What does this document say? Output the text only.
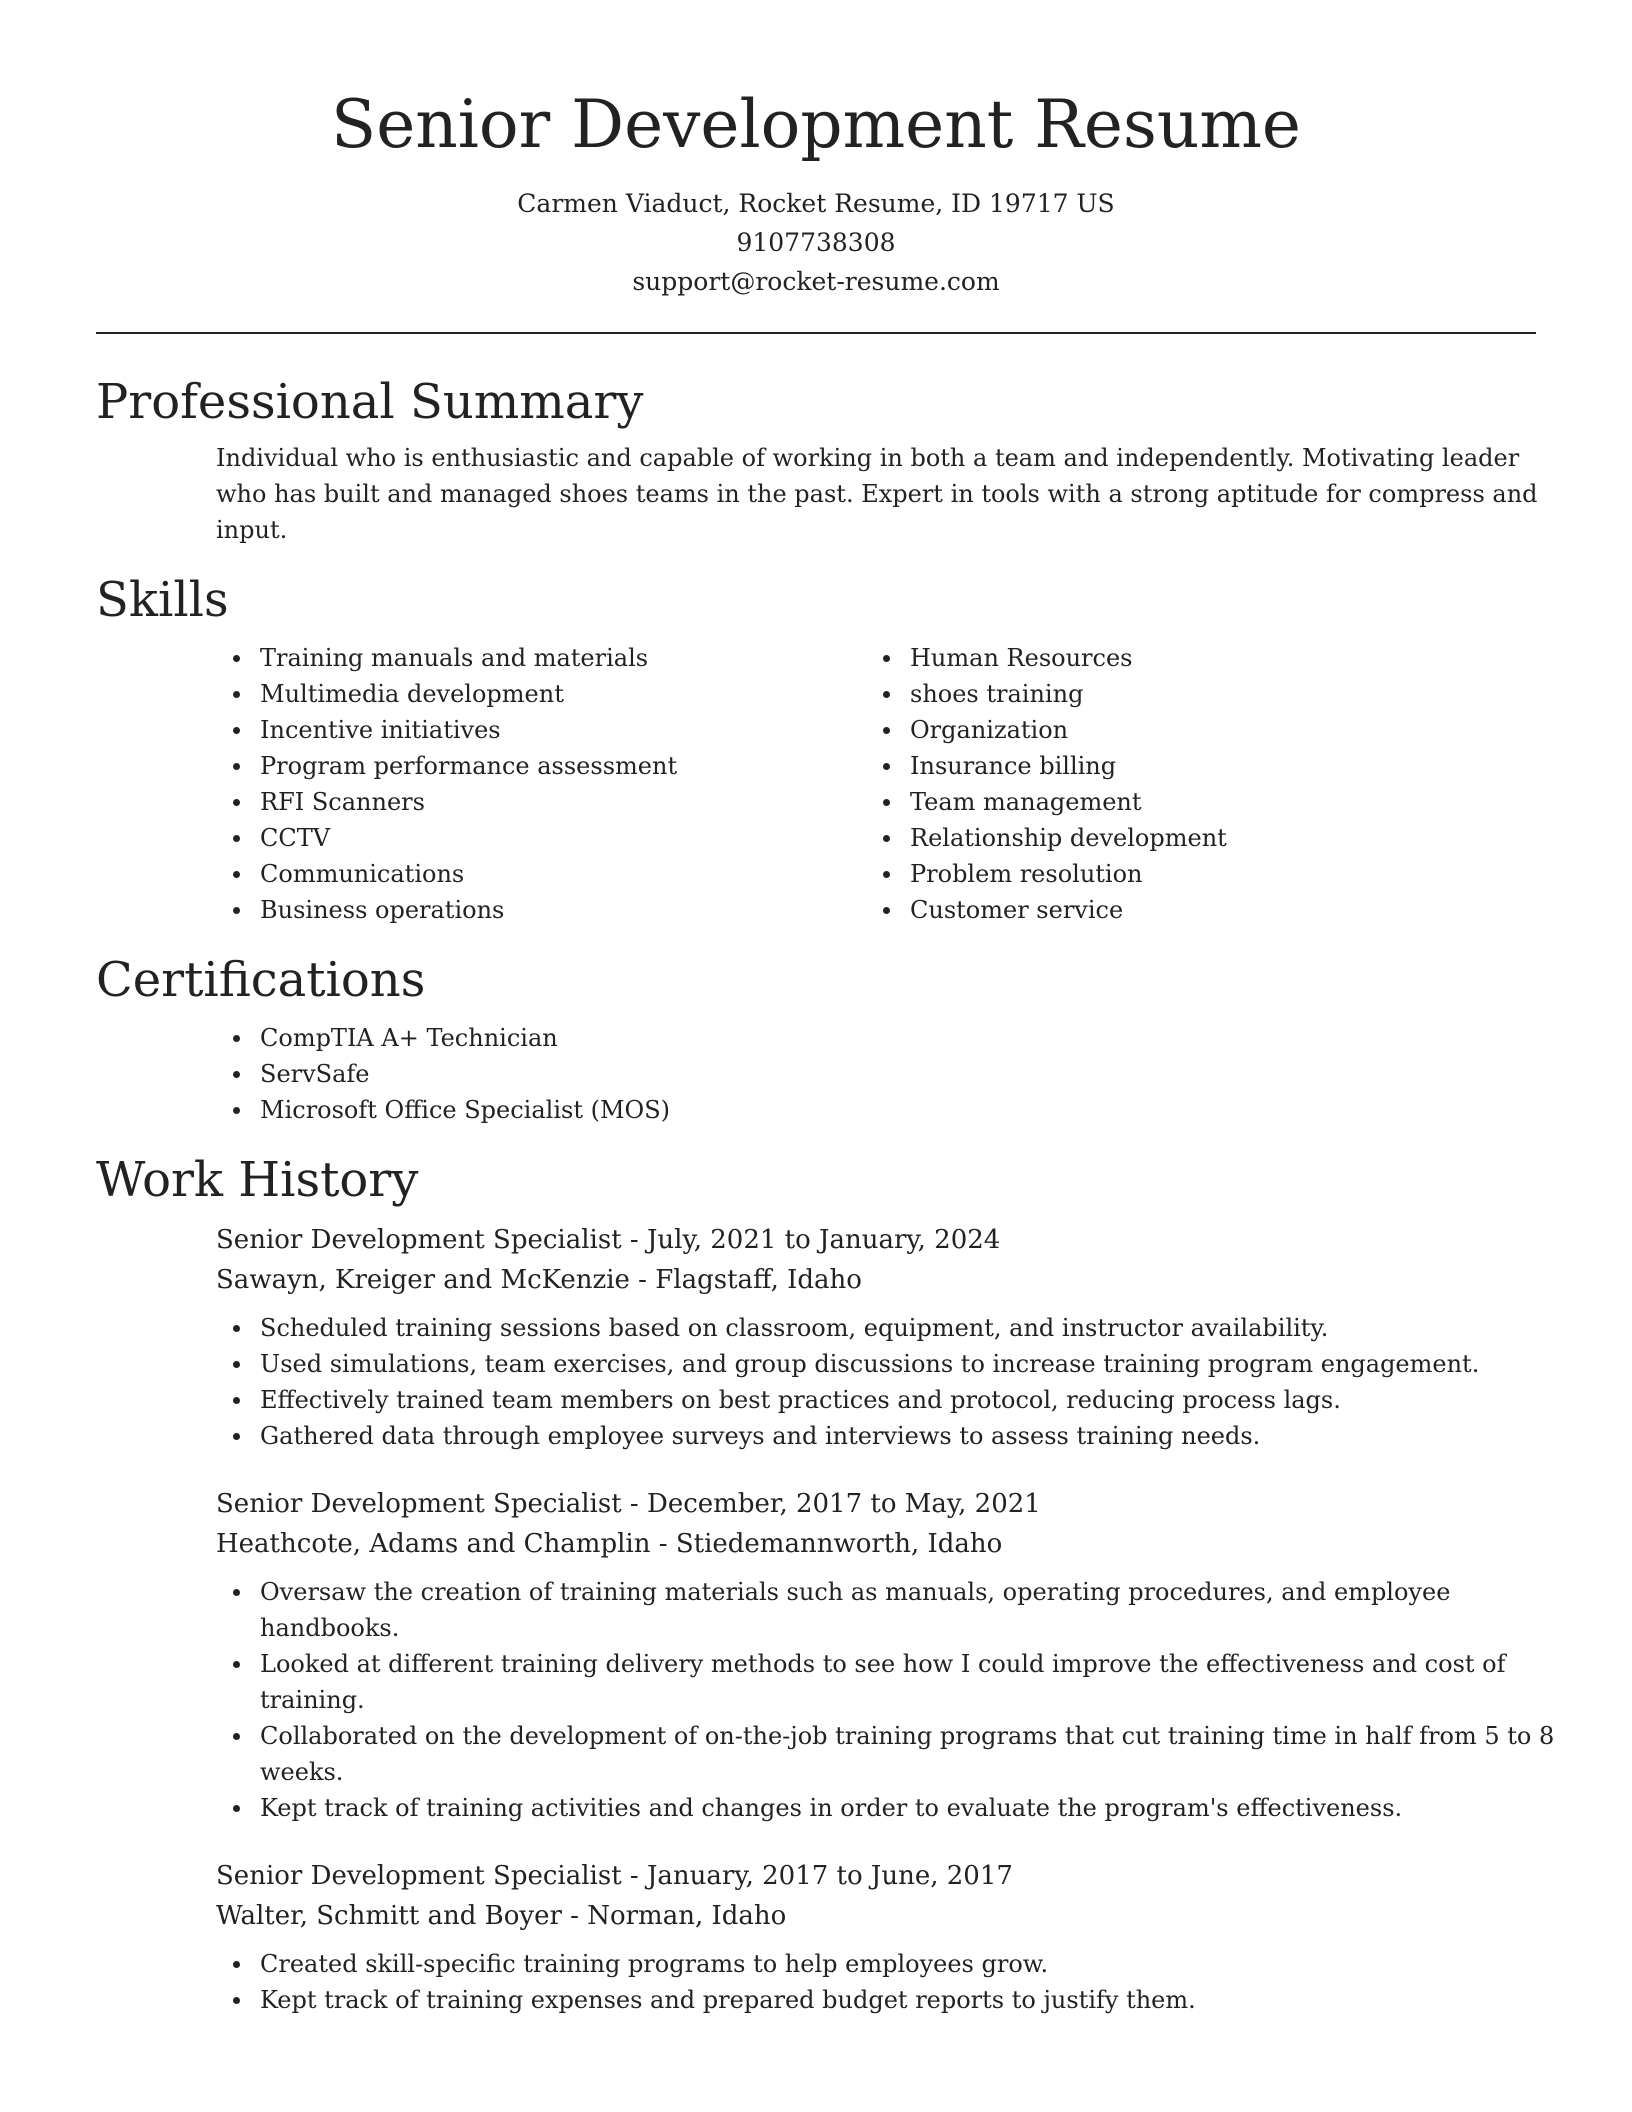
Senior Development Resume
Carmen Viaduct, Rocket Resume, ID 19717 US
9107738308
support@rocket-resume.com
Professional Summary

Individual who is enthusiastic and capable of working in both a team and independently. Motivating leader who has built and managed shoes teams in the past. Expert in tools with a strong aptitude for compress and input.

Skills
Training manuals and materials
Multimedia development
Incentive initiatives
Program performance assessment
RFI Scanners
CCTV
Communications
Business operations
Human Resources
shoes training
Organization
Insurance billing
Team management
Relationship development
Problem resolution
Customer service
Certifications
CompTIA A+ Technician
ServSafe
Microsoft Office Specialist (MOS)
Work History
Senior Development Specialist - July, 2021 to January, 2024
Sawayn, Kreiger and McKenzie - Flagstaff, Idaho
Scheduled training sessions based on classroom, equipment, and instructor availability.
Used simulations, team exercises, and group discussions to increase training program engagement.
Effectively trained team members on best practices and protocol, reducing process lags.
Gathered data through employee surveys and interviews to assess training needs.
Senior Development Specialist - December, 2017 to May, 2021
Heathcote, Adams and Champlin - Stiedemannworth, Idaho
Oversaw the creation of training materials such as manuals, operating procedures, and employee handbooks.
Looked at different training delivery methods to see how I could improve the effectiveness and cost of training.
Collaborated on the development of on-the-job training programs that cut training time in half from 5 to 8 weeks.
Kept track of training activities and changes in order to evaluate the program's effectiveness.
Senior Development Specialist - January, 2017 to June, 2017
Walter, Schmitt and Boyer - Norman, Idaho
Created skill-specific training programs to help employees grow.
Kept track of training expenses and prepared budget reports to justify them.
